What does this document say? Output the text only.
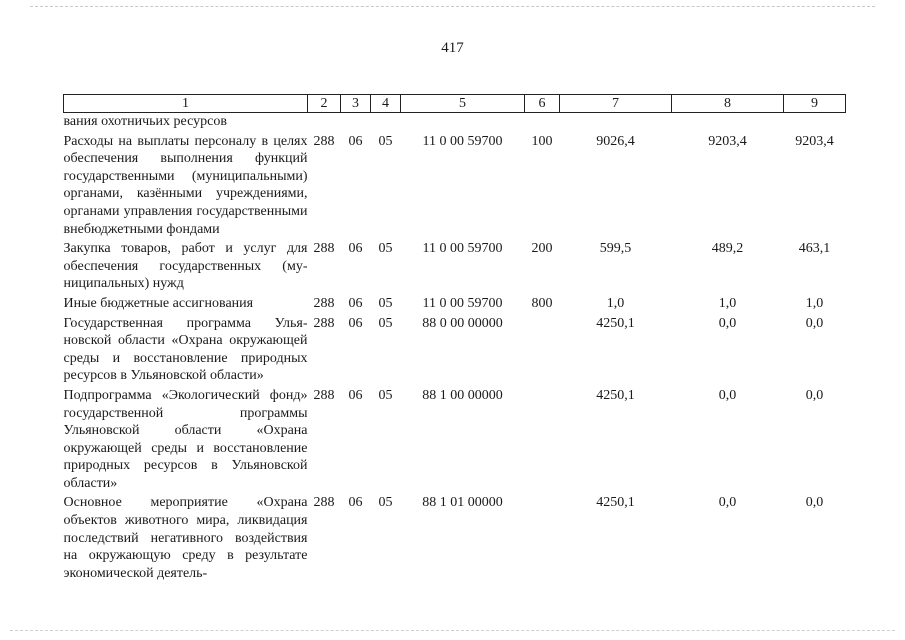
417
1	2	3	4	5	6	7	8	9
вания охотничьих ресурсов								
Расходы на выплаты персоналу в целях обеспечения выполнения функций государственными (муниципальными) органами, казёнными учреждениями, органами управления государственными внебюджетными фондами	288	06	05	11 0 00 59700	100	9026,4	9203,4	9203,4
Закупка товаров, работ и услуг для обеспечения государственных (муниципальных) нужд	288	06	05	11 0 00 59700	200	599,5	489,2	463,1
Иные бюджетные ассигнования	288	06	05	11 0 00 59700	800	1,0	1,0	1,0
Государственная программа Ульяновской области «Охрана окружающей среды и восстановление природных ресурсов в Ульяновской области»	288	06	05	88 0 00 00000		4250,1	0,0	0,0
Подпрограмма «Экологический фонд» государственной программы Ульяновской области «Охрана окружающей среды и восстановление природных ресурсов в Ульяновской области»	288	06	05	88 1 00 00000		4250,1	0,0	0,0
Основное мероприятие «Охрана объектов животного мира, ликвидация последствий негативного воздействия на окружающую среду в результате экономической деятель-	288	06	05	88 1 01 00000		4250,1	0,0	0,0
